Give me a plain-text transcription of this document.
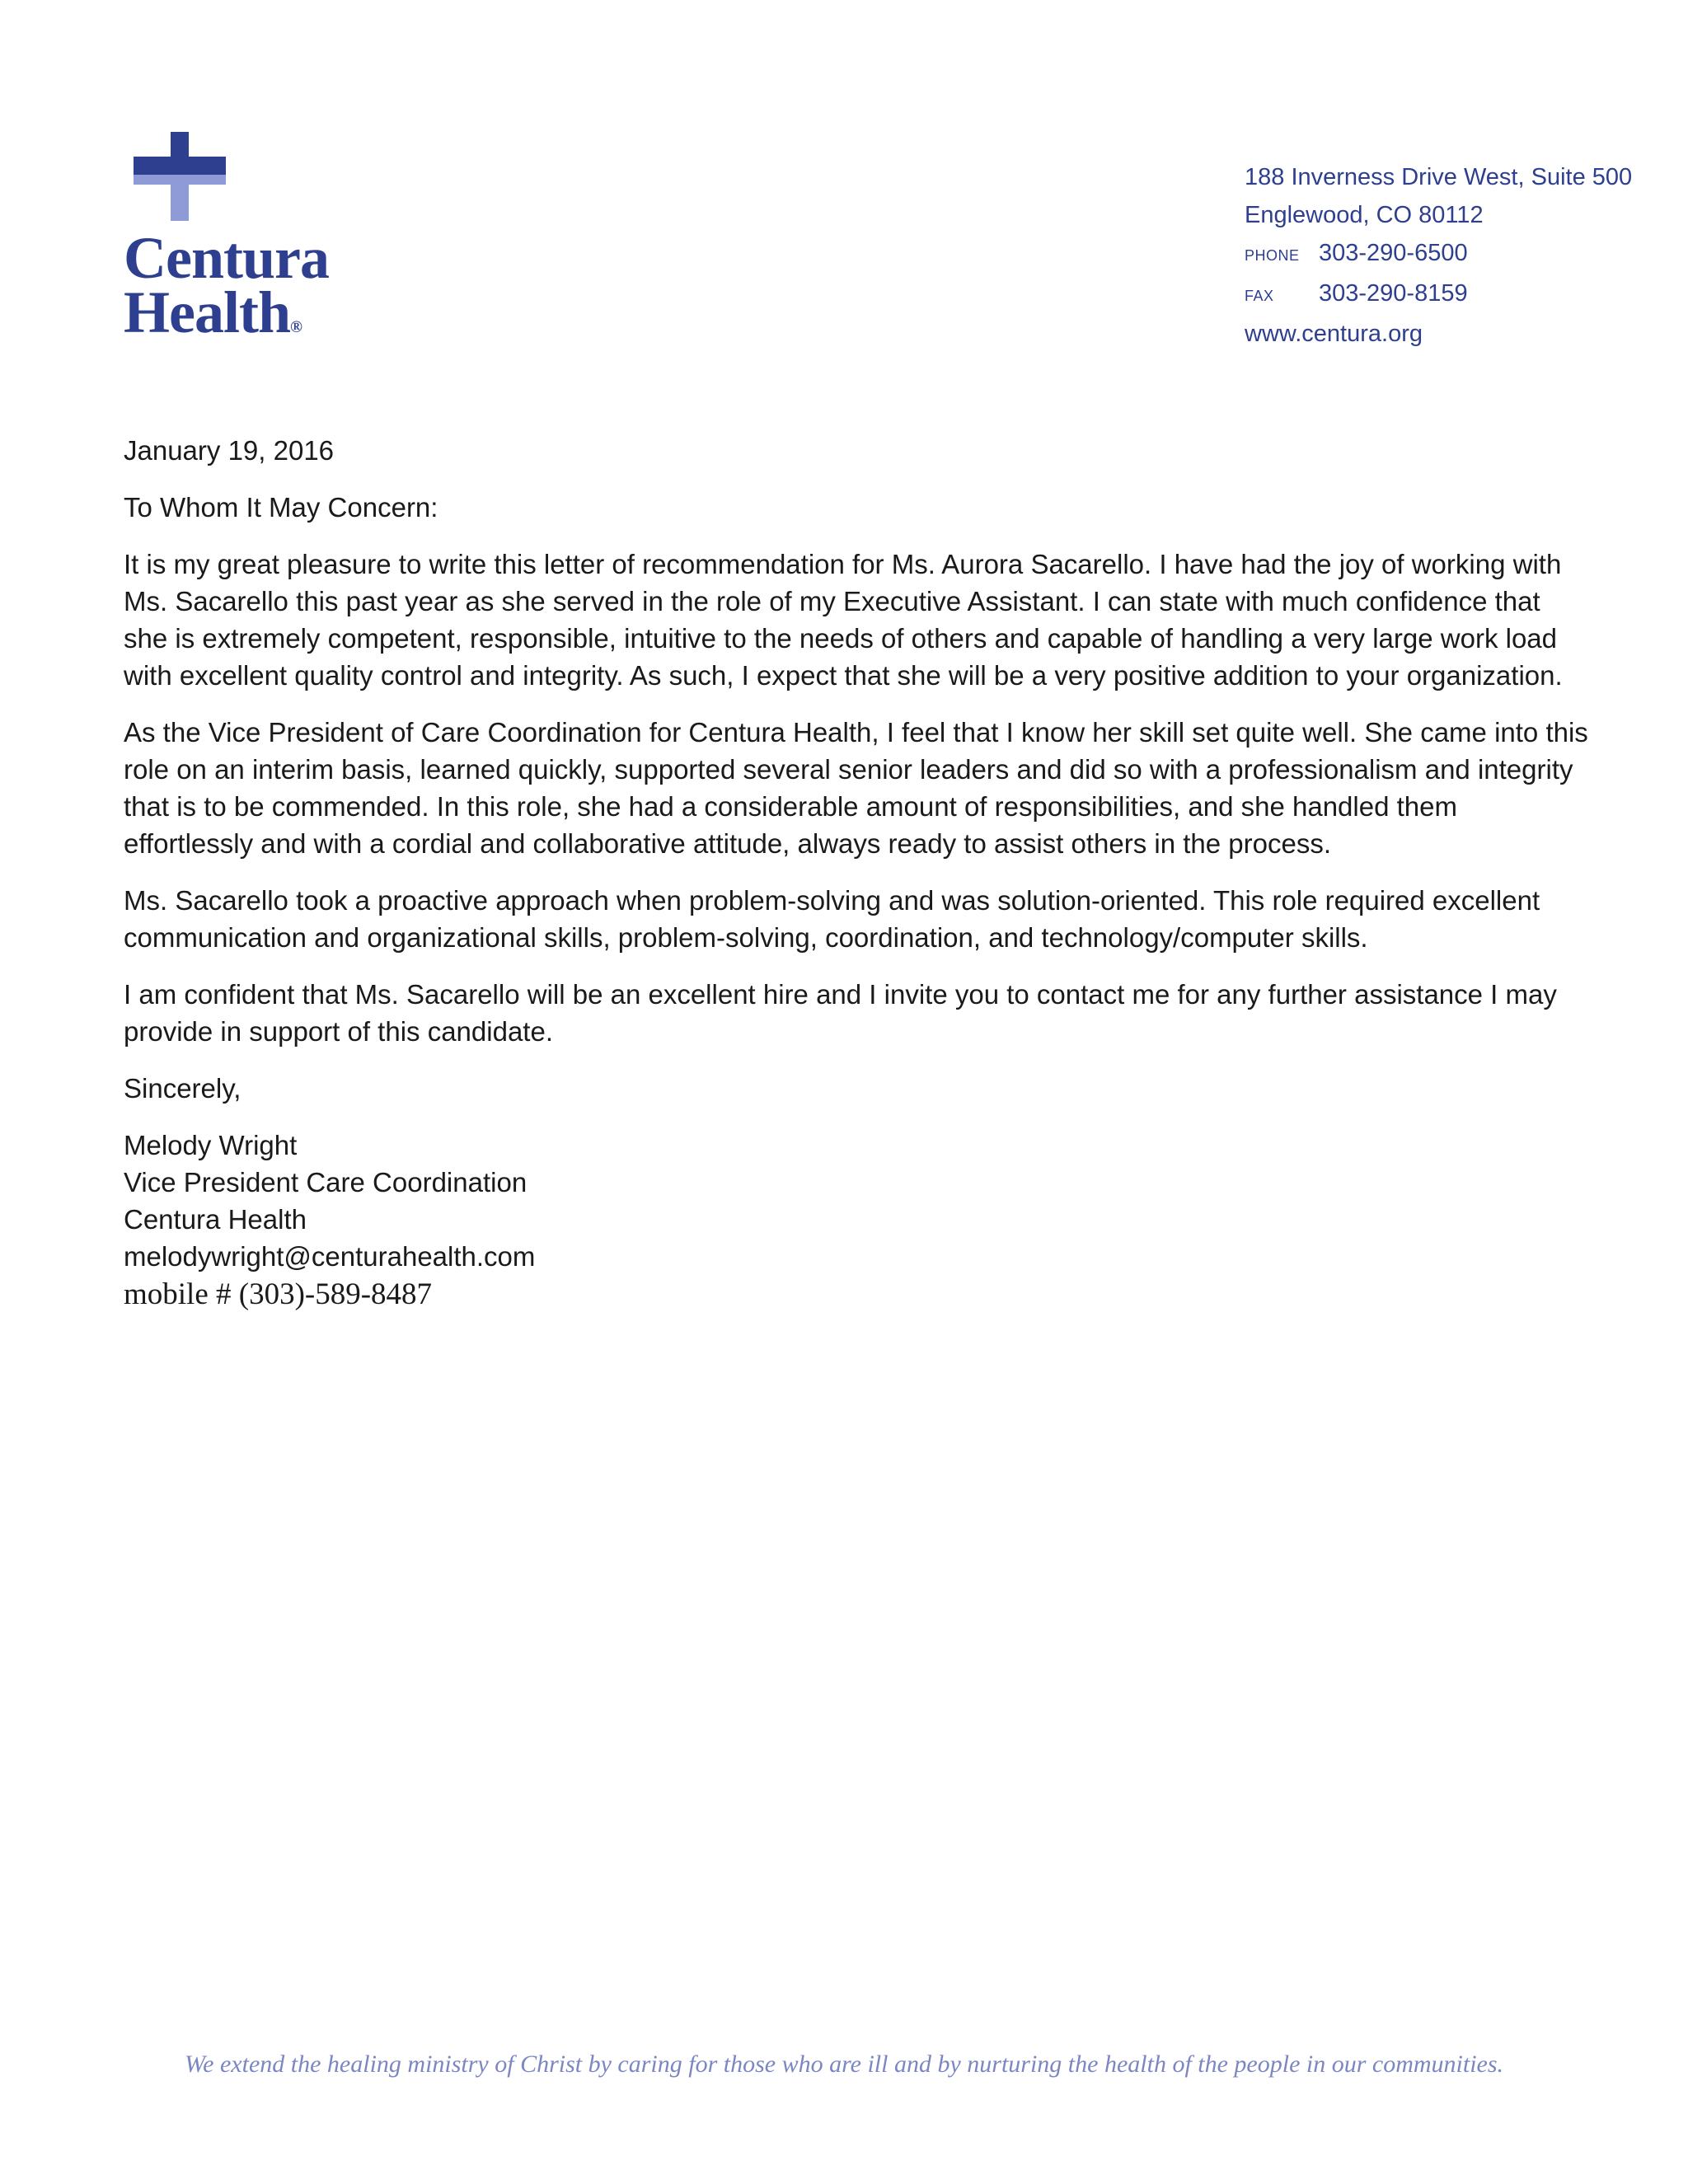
Centura
Health®
188 Inverness Drive West, Suite 500
Englewood, CO 80112
PHONE 303-290-6500
FAX 303-290-8159
www.centura.org

January 19, 2016

To Whom It May Concern:

It is my great pleasure to write this letter of recommendation for Ms. Aurora Sacarello. I have had the joy of working with Ms. Sacarello this past year as she served in the role of my Executive Assistant. I can state with much confidence that she is extremely competent, responsible, intuitive to the needs of others and capable of handling a very large work load with excellent quality control and integrity. As such, I expect that she will be a very positive addition to your organization.

As the Vice President of Care Coordination for Centura Health, I feel that I know her skill set quite well. She came into this role on an interim basis, learned quickly, supported several senior leaders and did so with a professionalism and integrity that is to be commended. In this role, she had a considerable amount of responsibilities, and she handled them effortlessly and with a cordial and collaborative attitude, always ready to assist others in the process.

Ms. Sacarello took a proactive approach when problem-solving and was solution-oriented. This role required excellent communication and organizational skills, problem-solving, coordination, and technology/computer skills.

I am confident that Ms. Sacarello will be an excellent hire and I invite you to contact me for any further assistance I may provide in support of this candidate.

Sincerely,

Melody Wright
Vice President Care Coordination
Centura Health
melodywright@centurahealth.com
mobile # (303)-589-8487
We extend the healing ministry of Christ by caring for those who are ill and by nurturing the health of the people in our communities.
